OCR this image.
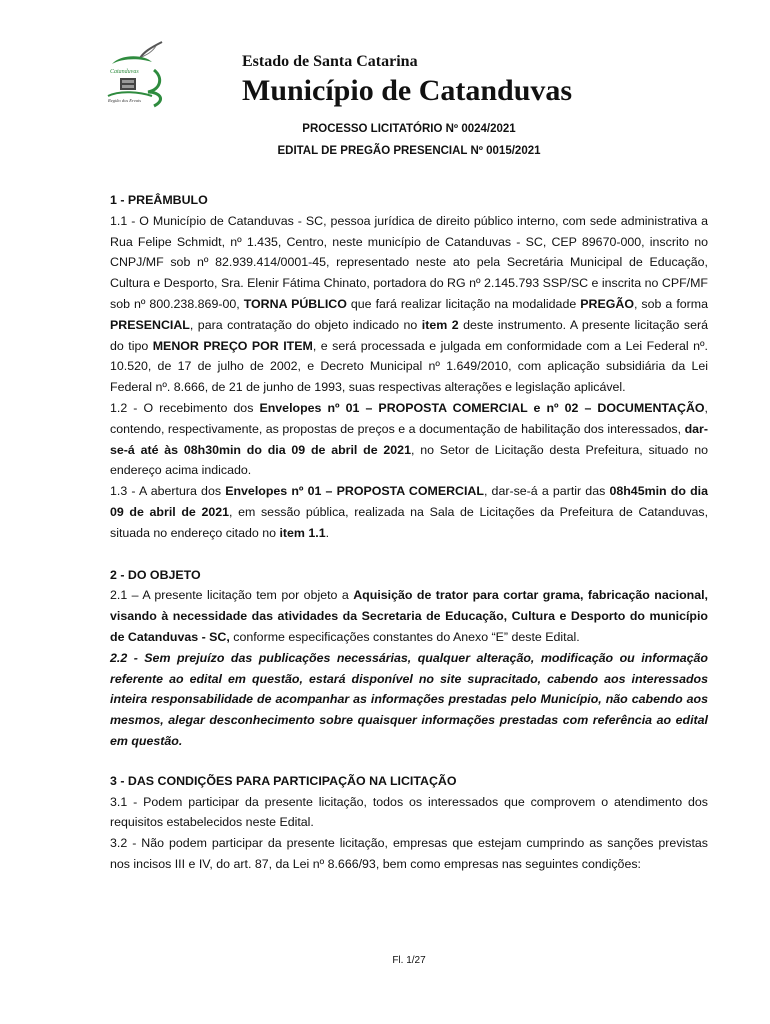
Catanduvas
Região dos Ervais
Estado de Santa Catarina
Município de Catanduvas
PROCESSO LICITATÓRIO Nº 0024/2021
EDITAL DE PREGÃO PRESENCIAL Nº 0015/2021

1 - PREÂMBULO

1.1 - O Município de Catanduvas - SC, pessoa jurídica de direito público interno, com sede administrativa a Rua Felipe Schmidt, nº 1.435, Centro, neste município de Catanduvas - SC, CEP 89670-000, inscrito no CNPJ/MF sob nº 82.939.414/0001-45, representado neste ato pela Secretária Municipal de Educação, Cultura e Desporto, Sra. Elenir Fátima Chinato, portadora do RG nº 2.145.793 SSP/SC e inscrita no CPF/MF sob nº 800.238.869-00, TORNA PÚBLICO que fará realizar licitação na modalidade PREGÃO, sob a forma PRESENCIAL, para contratação do objeto indicado no item 2 deste instrumento. A presente licitação será do tipo MENOR PREÇO POR ITEM, e será processada e julgada em conformidade com a Lei Federal nº. 10.520, de 17 de julho de 2002, e Decreto Municipal nº 1.649/2010, com aplicação subsidiária da Lei Federal nº. 8.666, de 21 de junho de 1993, suas respectivas alterações e legislação aplicável.

1.2 - O recebimento dos Envelopes nº 01 – PROPOSTA COMERCIAL e nº 02 – DOCUMENTAÇÃO, contendo, respectivamente, as propostas de preços e a documentação de habilitação dos interessados, dar-se-á até às 08h30min do dia 09 de abril de 2021, no Setor de Licitação desta Prefeitura, situado no endereço acima indicado.

1.3 - A abertura dos Envelopes nº 01 – PROPOSTA COMERCIAL, dar-se-á a partir das 08h45min do dia 09 de abril de 2021, em sessão pública, realizada na Sala de Licitações da Prefeitura de Catanduvas, situada no endereço citado no item 1.1.

2 - DO OBJETO

2.1 – A presente licitação tem por objeto a Aquisição de trator para cortar grama, fabricação nacional, visando à necessidade das atividades da Secretaria de Educação, Cultura e Desporto do município de Catanduvas - SC, conforme especificações constantes do Anexo “E” deste Edital.

2.2 - Sem prejuízo das publicações necessárias, qualquer alteração, modificação ou informação referente ao edital em questão, estará disponível no site supracitado, cabendo aos interessados inteira responsabilidade de acompanhar as informações prestadas pelo Município, não cabendo aos mesmos, alegar desconhecimento sobre quaisquer informações prestadas com referência ao edital em questão.

3 - DAS CONDIÇÕES PARA PARTICIPAÇÃO NA LICITAÇÃO

3.1 - Podem participar da presente licitação, todos os interessados que comprovem o atendimento dos requisitos estabelecidos neste Edital.

3.2 - Não podem participar da presente licitação, empresas que estejam cumprindo as sanções previstas nos incisos III e IV, do art. 87, da Lei nº 8.666/93, bem como empresas nas seguintes condições:

Fl. 1/27
